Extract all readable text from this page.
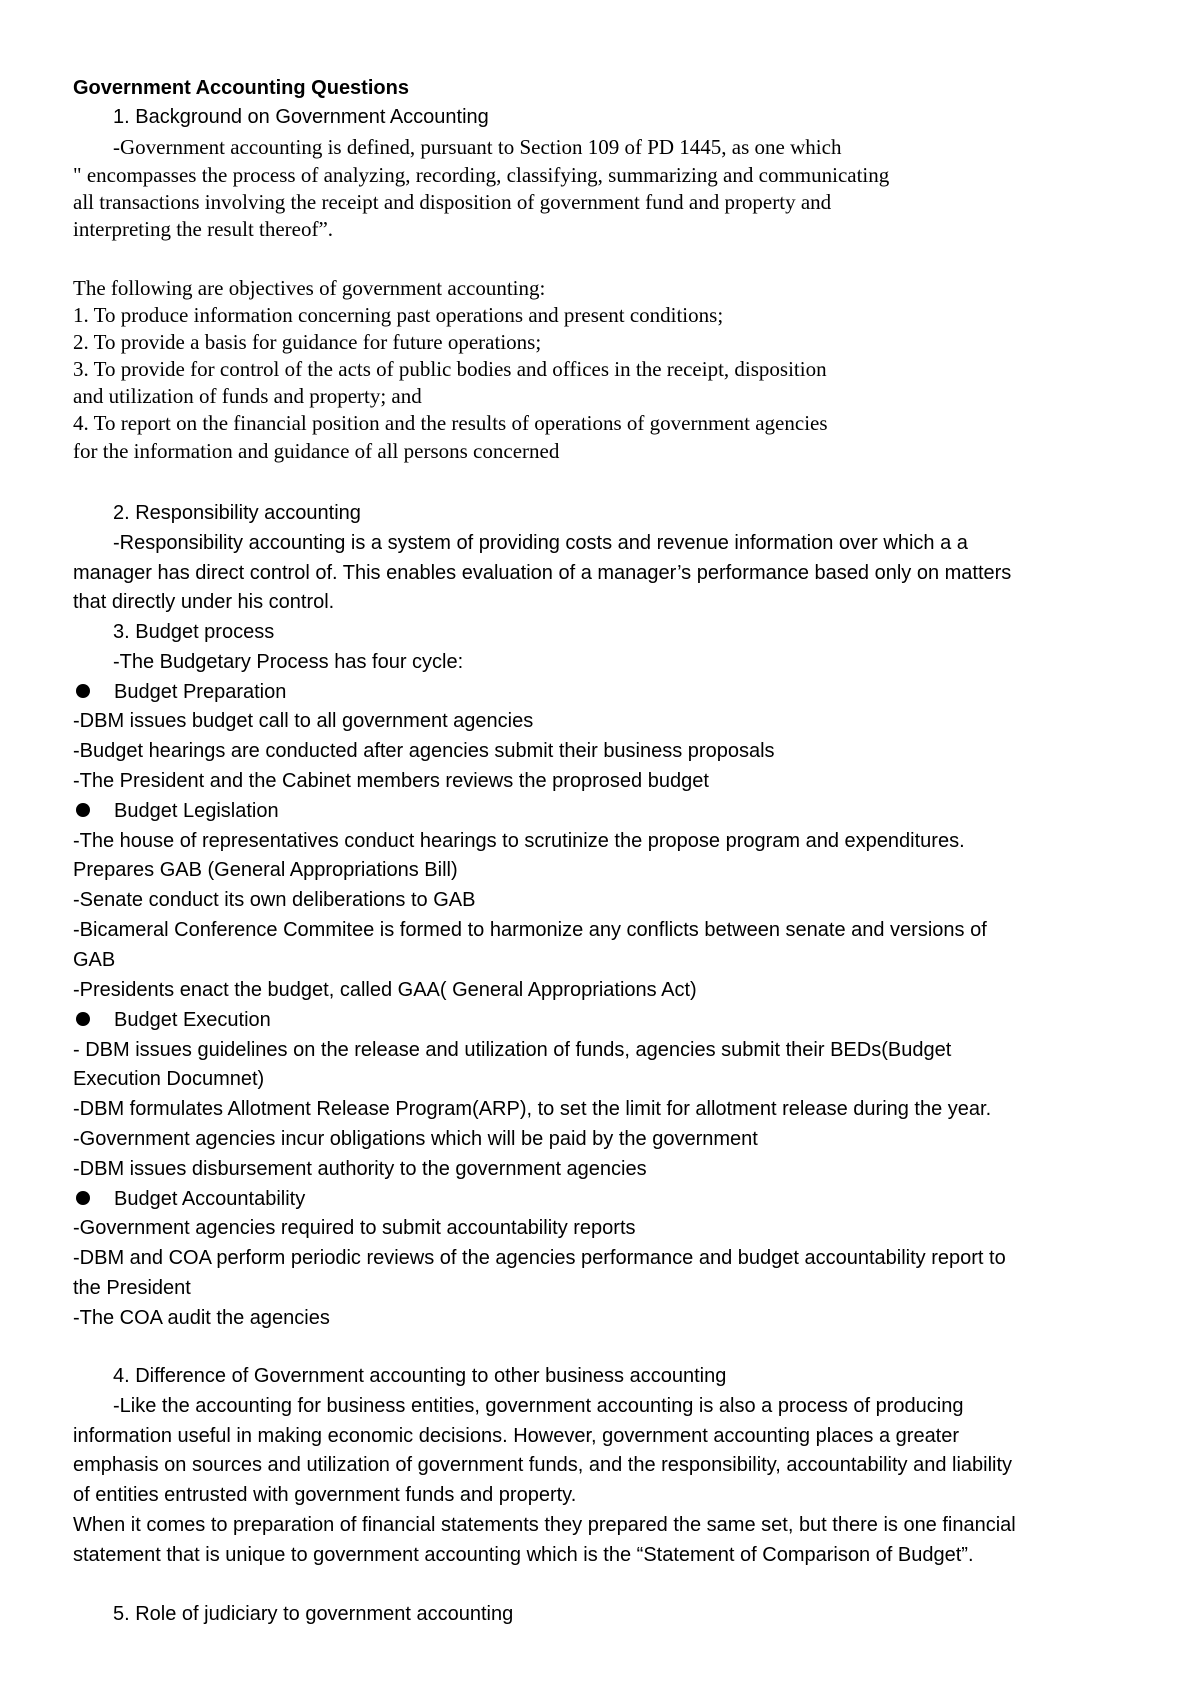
Government Accounting Questions
1. Background on Government Accounting
-Government accounting is defined, pursuant to Section 109 of PD 1445, as one which
" encompasses the process of analyzing, recording, classifying, summarizing and communicating
all transactions involving the receipt and disposition of government fund and property and
interpreting the result thereof”.
The following are objectives of government accounting:
1. To produce information concerning past operations and present conditions;
2. To provide a basis for guidance for future operations;
3. To provide for control of the acts of public bodies and offices in the receipt, disposition
and utilization of funds and property; and
4. To report on the financial position and the results of operations of government agencies
for the information and guidance of all persons concerned
2. Responsibility accounting
-Responsibility accounting is a system of providing costs and revenue information over which a a
manager has direct control of. This enables evaluation of a manager’s performance based only on matters
that directly under his control.
3. Budget process
-The Budgetary Process has four cycle:
Budget Preparation
-DBM issues budget call to all government agencies
-Budget hearings are conducted after agencies submit their business proposals
-The President and the Cabinet members reviews the proprosed budget
Budget Legislation
-The house of representatives conduct hearings to scrutinize the propose program and expenditures.
Prepares GAB (General Appropriations Bill)
-Senate conduct its own deliberations to GAB
-Bicameral Conference Commitee is formed to harmonize any conflicts between senate and versions of
GAB
-Presidents enact the budget, called GAA( General Appropriations Act)
Budget Execution
- DBM issues guidelines on the release and utilization of funds, agencies submit their BEDs(Budget
Execution Documnet)
-DBM formulates Allotment Release Program(ARP), to set the limit for allotment release during the year.
-Government agencies incur obligations which will be paid by the government
-DBM issues disbursement authority to the government agencies
Budget Accountability
-Government agencies required to submit accountability reports
-DBM and COA perform periodic reviews of the agencies performance and budget accountability report to
the President
-The COA audit the agencies
4. Difference of Government accounting to other business accounting
-Like the accounting for business entities, government accounting is also a process of producing
information useful in making economic decisions. However, government accounting places a greater
emphasis on sources and utilization of government funds, and the responsibility, accountability and liability
of entities entrusted with government funds and property.
When it comes to preparation of financial statements they prepared the same set, but there is one financial
statement that is unique to government accounting which is the “Statement of Comparison of Budget”.
5. Role of judiciary to government accounting
